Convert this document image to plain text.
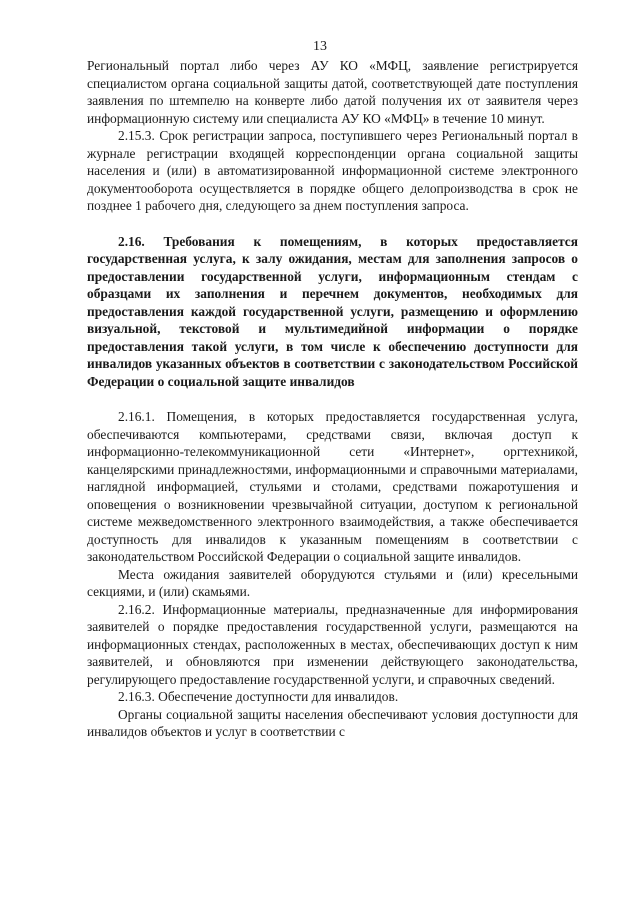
13

Региональный портал либо через АУ КО «МФЦ, заявление регистрируется специалистом органа социальной защиты датой, соответствующей дате поступления заявления по штемпелю на конверте либо датой получения их от заявителя через информационную систему или специалиста АУ КО «МФЦ» в течение 10 минут.

2.15.3. Срок регистрации запроса, поступившего через Региональный портал в журнале регистрации входящей корреспонденции органа социальной защиты населения и (или) в автоматизированной информационной системе электронного документооборота осуществляется в порядке общего делопроизводства в срок не позднее 1 рабочего дня, следующего за днем поступления запроса.

2.16. Требования к помещениям, в которых предоставляется государственная услуга, к залу ожидания, местам для заполнения запросов о предоставлении государственной услуги, информационным стендам с образцами их заполнения и перечнем документов, необходимых для предоставления каждой государственной услуги, размещению и оформлению визуальной, текстовой и мультимедийной информации о порядке предоставления такой услуги, в том числе к обеспечению доступности для инвалидов указанных объектов в соответствии с законодательством Российской Федерации о социальной защите инвалидов

2.16.1. Помещения, в которых предоставляется государственная услуга, обеспечиваются компьютерами, средствами связи, включая доступ к информационно-телекоммуникационной сети «Интернет», оргтехникой, канцелярскими принадлежностями, информационными и справочными материалами, наглядной информацией, стульями и столами, средствами пожаротушения и оповещения о возникновении чрезвычайной ситуации, доступом к региональной системе межведомственного электронного взаимодействия, а также обеспечивается доступность для инвалидов к указанным помещениям в соответствии с законодательством Российской Федерации о социальной защите инвалидов.

Места ожидания заявителей оборудуются стульями и (или) кресельными секциями, и (или) скамьями.

2.16.2. Информационные материалы, предназначенные для информирования заявителей о порядке предоставления государственной услуги, размещаются на информационных стендах, расположенных в местах, обеспечивающих доступ к ним заявителей, и обновляются при изменении действующего законодательства, регулирующего предоставление государственной услуги, и справочных сведений.

2.16.3. Обеспечение доступности для инвалидов.

Органы социальной защиты населения обеспечивают условия доступности для инвалидов объектов и услуг в соответствии с
